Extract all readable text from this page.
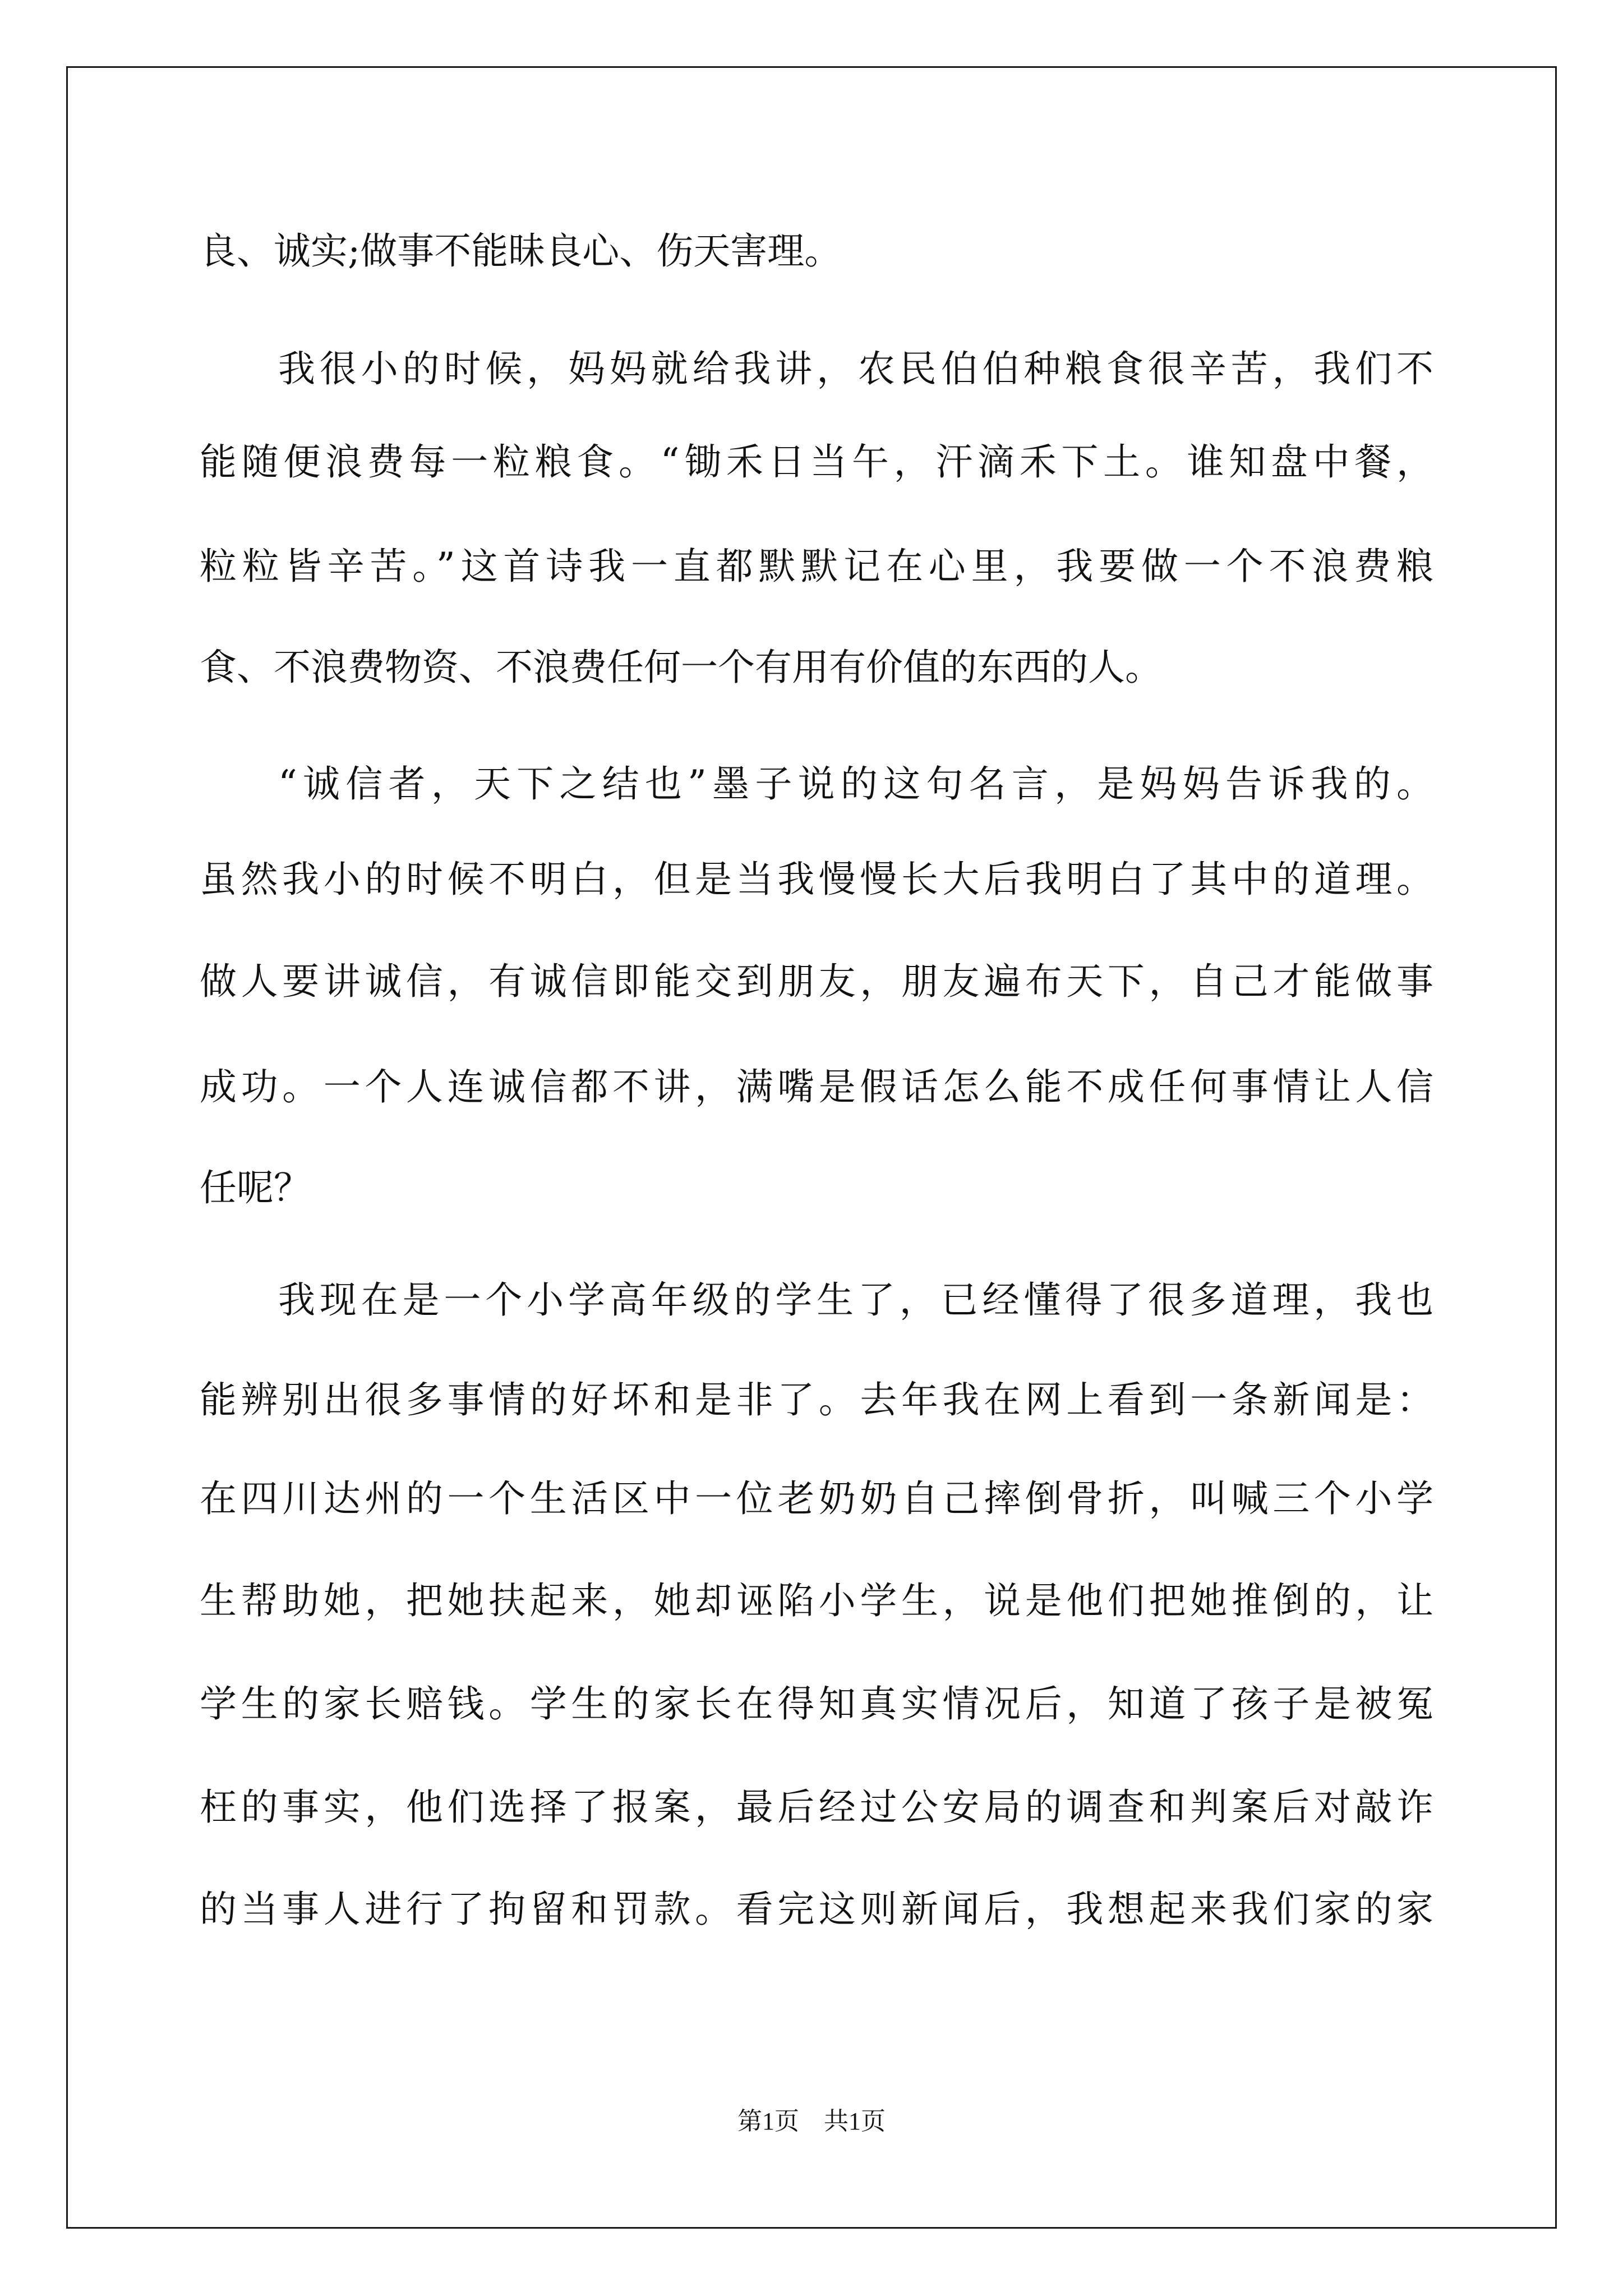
良、诚实;做事不能昧良心、伤天害理。

我很小的时候，妈妈就给我讲，农民伯伯种粮食很辛苦，我们不

能随便浪费每一粒粮食。“锄禾日当午，汗滴禾下土。谁知盘中餐，

粒粒皆辛苦。”这首诗我一直都默默记在心里，我要做一个不浪费粮

食、不浪费物资、不浪费任何一个有用有价值的东西的人。

“诚信者，天下之结也”墨子说的这句名言，是妈妈告诉我的。

虽然我小的时候不明白，但是当我慢慢长大后我明白了其中的道理。

做人要讲诚信，有诚信即能交到朋友，朋友遍布天下，自己才能做事

成功。一个人连诚信都不讲，满嘴是假话怎么能不成任何事情让人信

任呢？

我现在是一个小学高年级的学生了，已经懂得了很多道理，我也

能辨别出很多事情的好坏和是非了。去年我在网上看到一条新闻是：

在四川达州的一个生活区中一位老奶奶自己摔倒骨折，叫喊三个小学

生帮助她，把她扶起来，她却诬陷小学生，说是他们把她推倒的，让

学生的家长赔钱。学生的家长在得知真实情况后，知道了孩子是被冤

枉的事实，他们选择了报案，最后经过公安局的调查和判案后对敲诈

的当事人进行了拘留和罚款。看完这则新闻后，我想起来我们家的家

第1页　共1页
